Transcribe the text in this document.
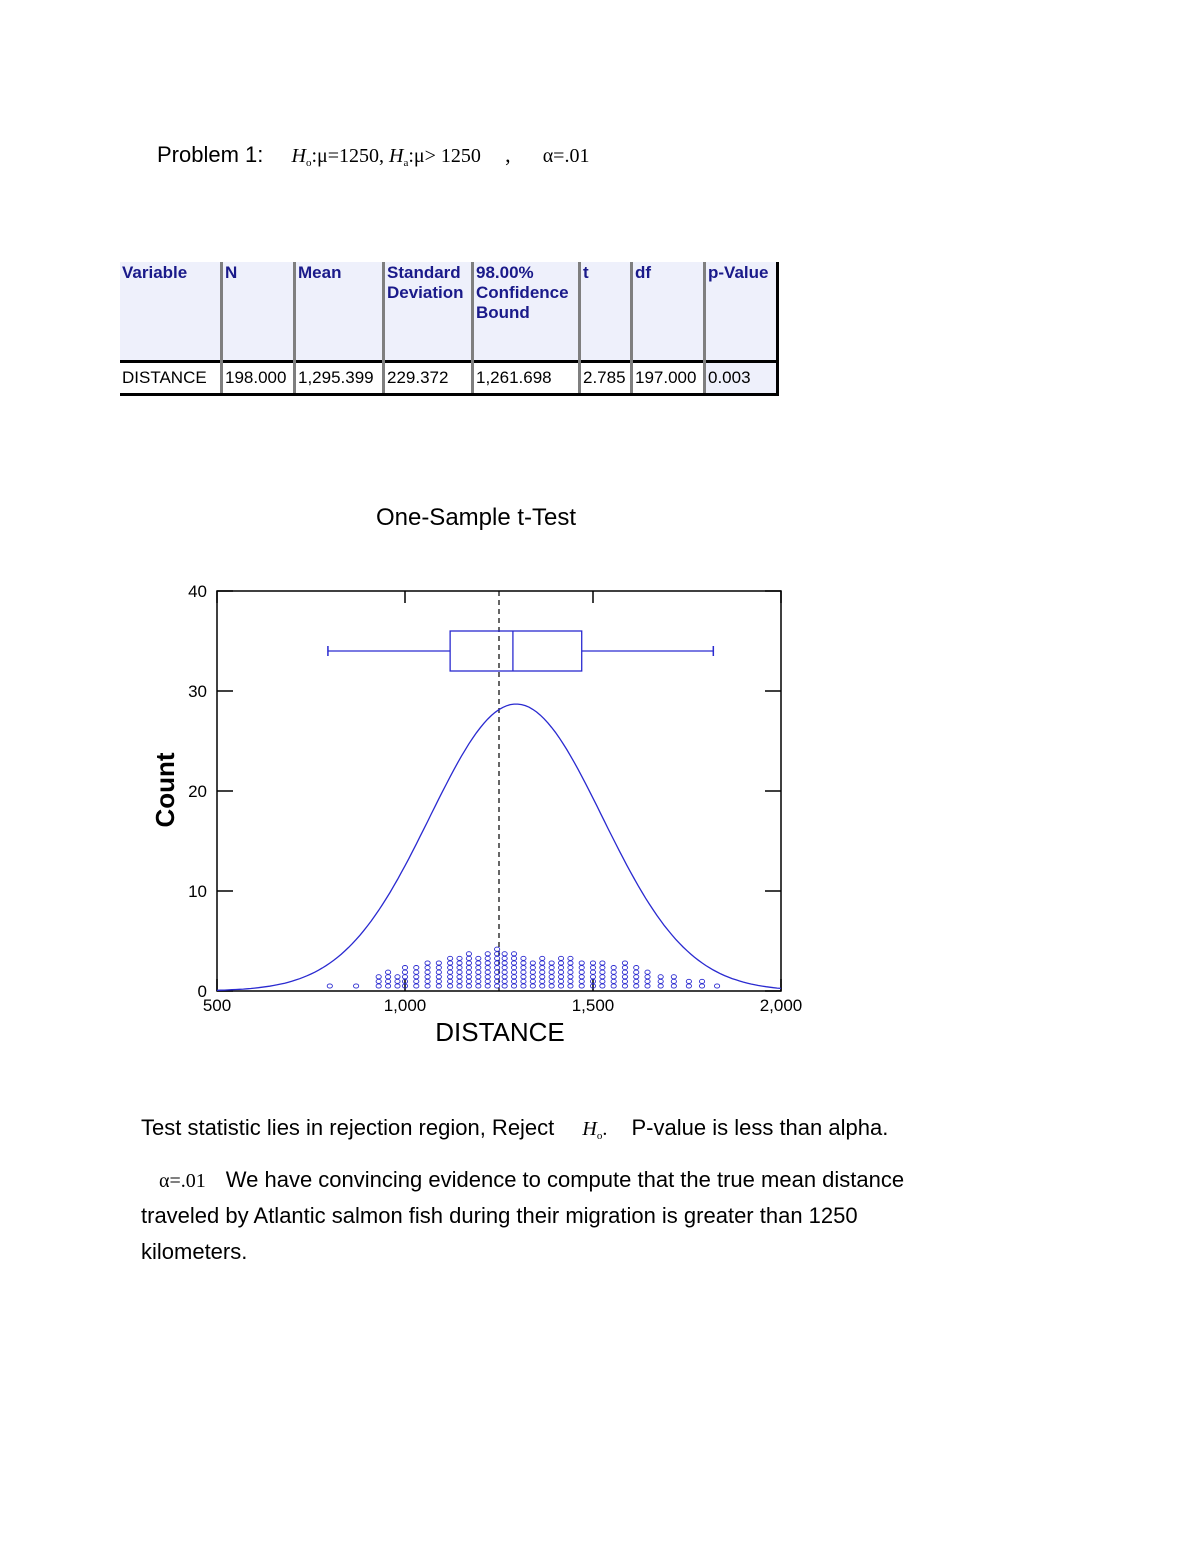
Problem 1: $H_o:\mu=1250$, $H_a:\mu> 1250$ , α=.01
Variable	N	Mean	Standard Deviation	98.00% Confidence Bound	t	df	p-Value
DISTANCE	198.000	1,295.399	229.372	1,261.698	2.785	197.000	0.003
One-Sample t-Test
Count
DISTANCE
0
10
20
30
40
500	1,000	1,500	2,000
Test statistic lies in rejection region, Reject $H_o$. P-value is less than alpha.
α=.01 We have convincing evidence to compute that the true mean distance
traveled by Atlantic salmon fish during their migration is greater than 1250
kilometers.
